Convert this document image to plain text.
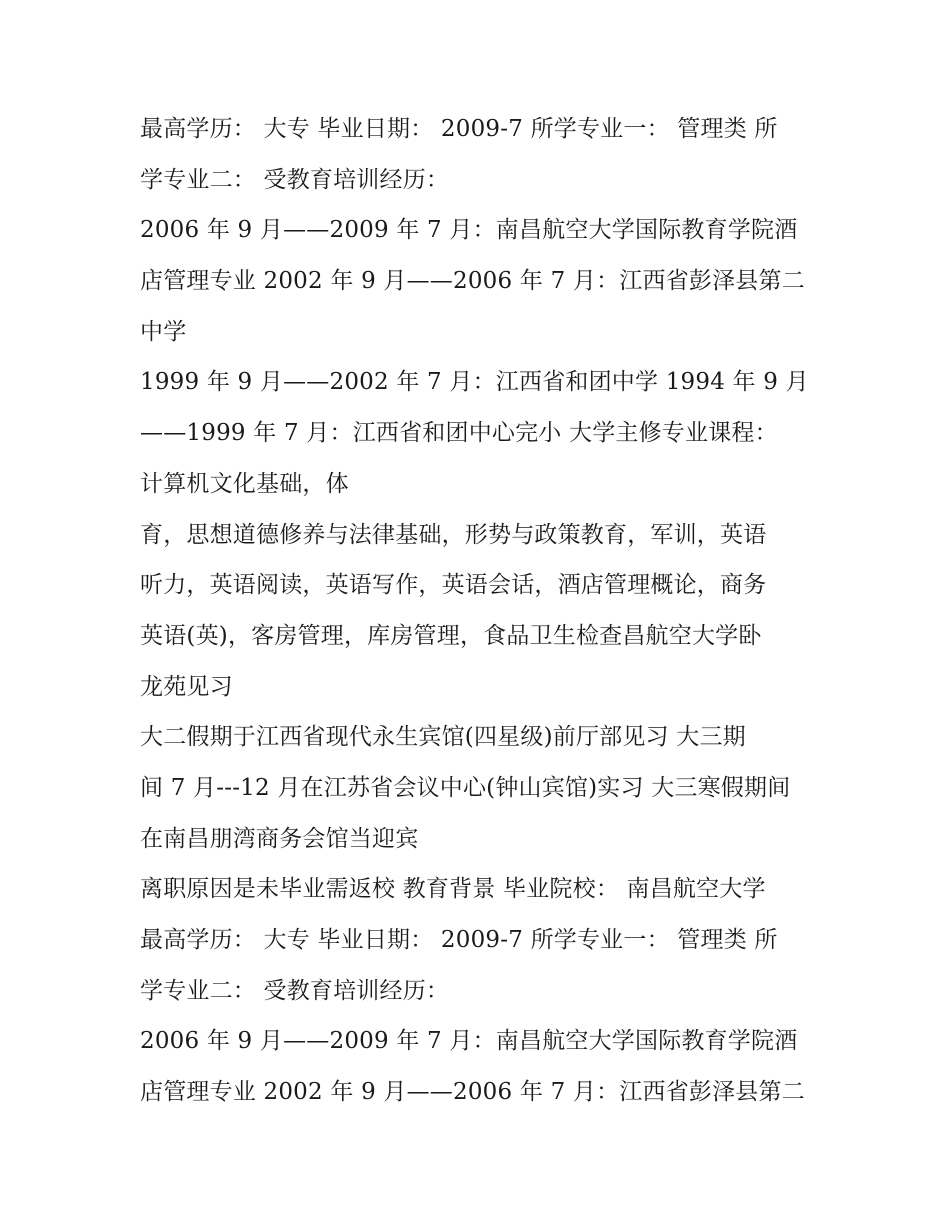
最高学历： 大专 毕业日期： 2009-7 所学专业一： 管理类 所
学专业二： 受教育培训经历：
2006 年 9 月——2009 年 7 月：南昌航空大学国际教育学院酒
店管理专业 2002 年 9 月——2006 年 7 月：江西省彭泽县第二
中学
1999 年 9 月——2002 年 7 月：江西省和团中学 1994 年 9 月
——1999 年 7 月：江西省和团中心完小 大学主修专业课程：
计算机文化基础，体
育，思想道德修养与法律基础，形势与政策教育，军训，英语
听力，英语阅读，英语写作，英语会话，酒店管理概论，商务
英语(英)，客房管理，库房管理，食品卫生检查昌航空大学卧
龙苑见习
大二假期于江西省现代永生宾馆(四星级)前厅部见习 大三期
间 7 月---12 月在江苏省会议中心(钟山宾馆)实习 大三寒假期间
在南昌朋湾商务会馆当迎宾
离职原因是未毕业需返校 教育背景 毕业院校： 南昌航空大学
最高学历： 大专 毕业日期： 2009-7 所学专业一： 管理类 所
学专业二： 受教育培训经历：
2006 年 9 月——2009 年 7 月：南昌航空大学国际教育学院酒
店管理专业 2002 年 9 月——2006 年 7 月：江西省彭泽县第二
